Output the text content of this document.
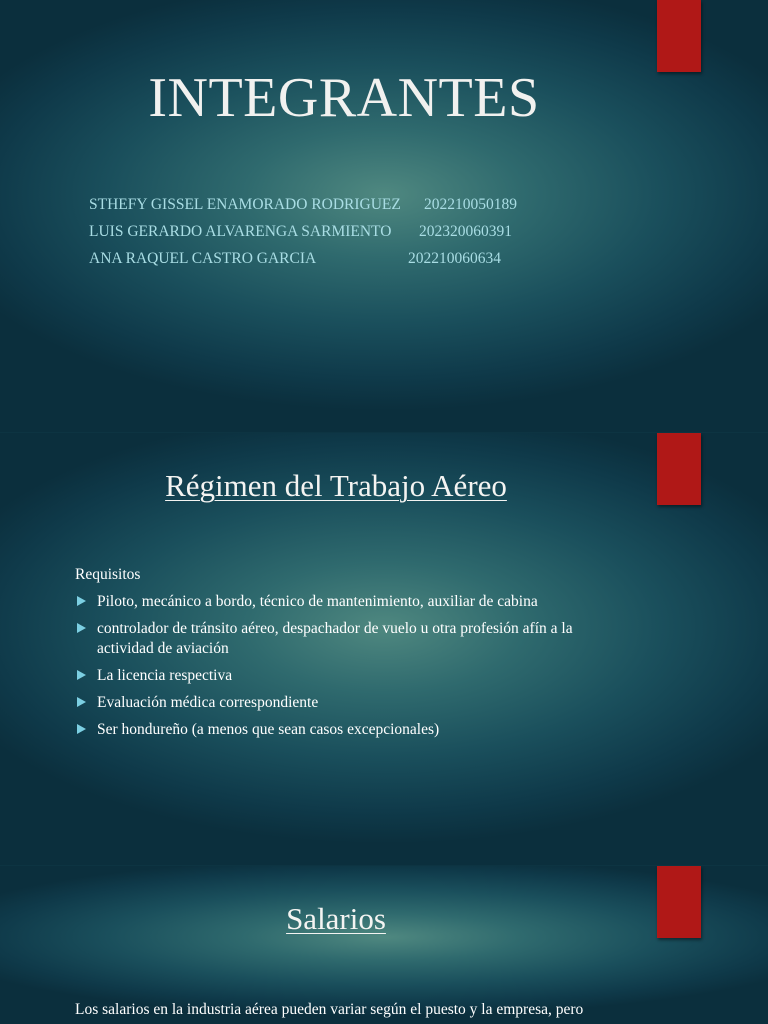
INTEGRANTES
STHEFY GISSEL ENAMORADO RODRIGUEZ 202210050189
LUIS GERARDO ALVARENGA SARMIENTO 202320060391
ANA RAQUEL CASTRO GARCIA	202210060634
Régimen del Trabajo Aéreo
Requisitos
Piloto, mecánico a bordo, técnico de mantenimiento, auxiliar de cabina
controlador de tránsito aéreo, despachador de vuelo u otra profesión afín a la actividad de aviación
La licencia respectiva
Evaluación médica correspondiente
Ser hondureño (a menos que sean casos excepcionales)
Salarios
Los salarios en la industria aérea pueden variar según el puesto y la empresa, pero
